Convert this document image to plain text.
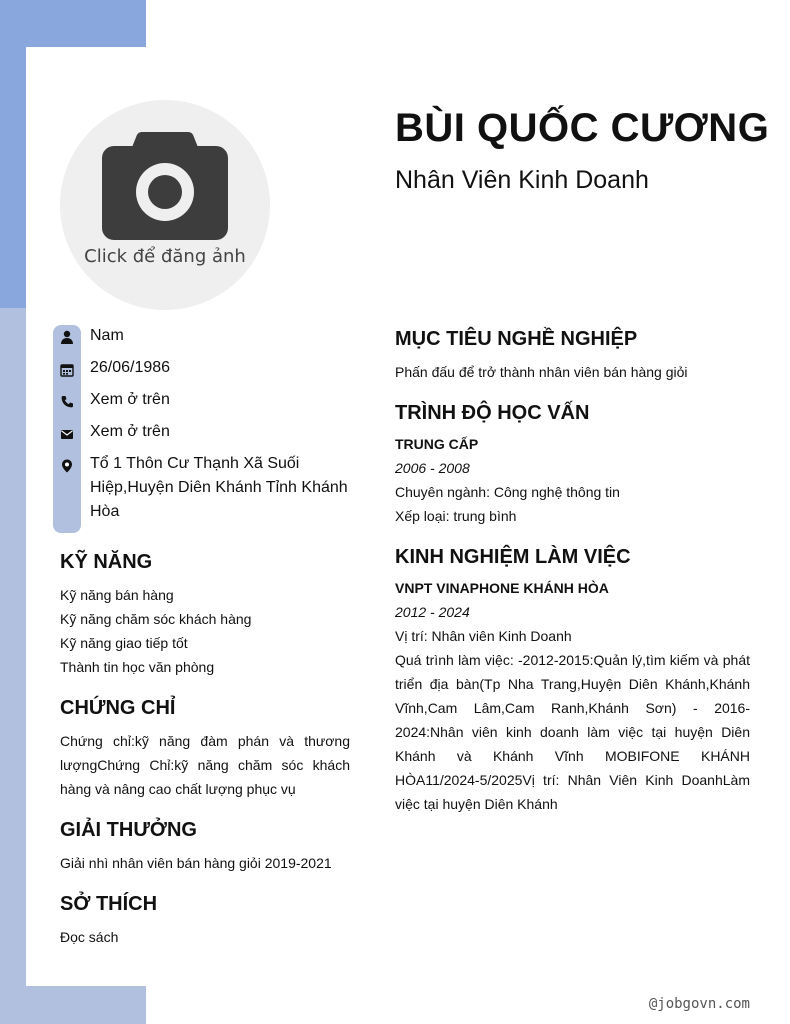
Click để đăng ảnh
BÙI QUỐC CƯƠNG
Nhân Viên Kinh Doanh
Nam
26/06/1986
Xem ở trên
Xem ở trên
Tổ 1 Thôn Cư Thạnh Xã Suối Hiệp,Huyện Diên Khánh Tỉnh Khánh Hòa
KỸ NĂNG
Kỹ năng bán hàng
Kỹ năng chăm sóc khách hàng
Kỹ năng giao tiếp tốt
Thành tin học văn phòng
CHỨNG CHỈ
Chứng chỉ:kỹ năng đàm phán và thương lượngChứng Chỉ:kỹ năng chăm sóc khách hàng và nâng cao chất lượng phục vụ
GIẢI THƯỞNG
Giải nhì nhân viên bán hàng giỏi 2019-2021
SỞ THÍCH
Đọc sách
MỤC TIÊU NGHỀ NGHIỆP
Phấn đấu để trở thành nhân viên bán hàng giỏi
TRÌNH ĐỘ HỌC VẤN
TRUNG CẤP
2006 - 2008
Chuyên ngành: Công nghệ thông tin
Xếp loại: trung bình
KINH NGHIỆM LÀM VIỆC
VNPT VINAPHONE KHÁNH HÒA
2012 - 2024
Vị trí: Nhân viên Kinh Doanh
Quá trình làm việc: -2012-2015:Quản lý,tìm kiếm và phát triển địa bàn(Tp Nha Trang,Huyện Diên Khánh,Khánh Vĩnh,Cam Lâm,Cam Ranh,Khánh Sơn) - 2016-2024:Nhân viên kinh doanh làm việc tại huyện Diên Khánh và Khánh Vĩnh MOBIFONE KHÁNH HÒA11/2024-5/2025Vị trí: Nhân Viên Kinh DoanhLàm việc tại huyện Diên Khánh
@jobgovn.com
